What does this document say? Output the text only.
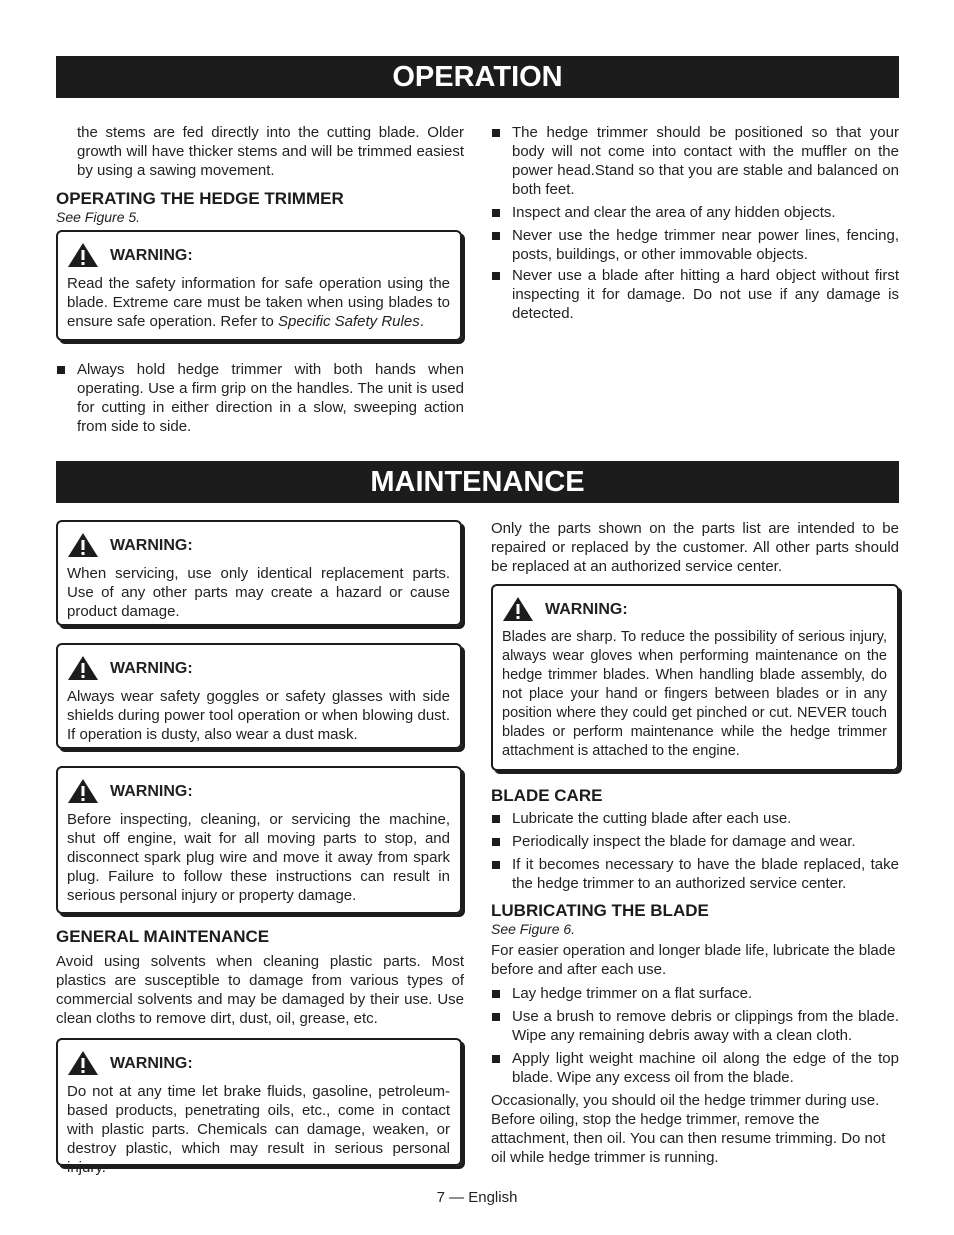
OPERATION

the stems are fed directly into the cutting blade. Older growth will have thicker stems and will be trimmed easiest by using a sawing movement.

OPERATING THE HEDGE TRIMMER
See Figure 5.
WARNING:

Read the safety information for safe operation using the blade. Extreme care must be taken when using blades to ensure safe operation. Refer to Specific Safety Rules.

Always hold hedge trimmer with both hands when operating. Use a firm grip on the handles. The unit is used for cutting in either direction in a slow, sweeping action from side to side.
The hedge trimmer should be positioned so that your body will not come into contact with the muffler on the power head.Stand so that you are stable and balanced on both feet.
Inspect and clear the area of any hidden objects.
Never use the hedge trimmer near power lines, fencing, posts, buildings, or other immovable objects.
Never use a blade after hitting a hard object without first inspecting it for damage. Do not use if any damage is detected.
MAINTENANCE
WARNING:

When servicing, use only identical replacement parts. Use of any other parts may create a hazard or cause product damage.

WARNING:

Always wear safety goggles or safety glasses with side shields during power tool operation or when blowing dust. If operation is dusty, also wear a dust mask.

WARNING:

Before inspecting, cleaning, or servicing the machine, shut off engine, wait for all moving parts to stop, and disconnect spark plug wire and move it away from spark plug. Failure to follow these instructions can result in serious personal injury or property damage.

GENERAL MAINTENANCE

Avoid using solvents when cleaning plastic parts. Most plastics are susceptible to damage from various types of commercial solvents and may be damaged by their use. Use clean cloths to remove dirt, dust, oil, grease, etc.

WARNING:

Do not at any time let brake fluids, gasoline, petroleum-based products, penetrating oils, etc., come in contact with plastic parts. Chemicals can damage, weaken, or destroy plastic, which may result in serious personal injury.

Only the parts shown on the parts list are intended to be repaired or replaced by the customer. All other parts should be replaced at an authorized service center.

WARNING:

Blades are sharp. To reduce the possibility of serious injury, always wear gloves when performing maintenance on the hedge trimmer blades. When handling blade assembly, do not place your hand or fingers between blades or in any position where they could get pinched or cut. NEVER touch blades or perform maintenance while the hedge trimmer attachment is attached to the engine.

BLADE CARE
Lubricate the cutting blade after each use.
Periodically inspect the blade for damage and wear.
If it becomes necessary to have the blade replaced, take the hedge trimmer to an authorized service center.
LUBRICATING THE BLADE
See Figure 6.

For easier operation and longer blade life, lubricate the blade before and after each use.

Lay hedge trimmer on a flat surface.
Use a brush to remove debris or clippings from the blade. Wipe any remaining debris away with a clean cloth.
Apply light weight machine oil along the edge of the top blade. Wipe any excess oil from the blade.

Occasionally, you should oil the hedge trimmer during use. Before oiling, stop the hedge trimmer, remove the attachment, then oil. You can then resume trimming. Do not oil while hedge trimmer is running.

7 — English
